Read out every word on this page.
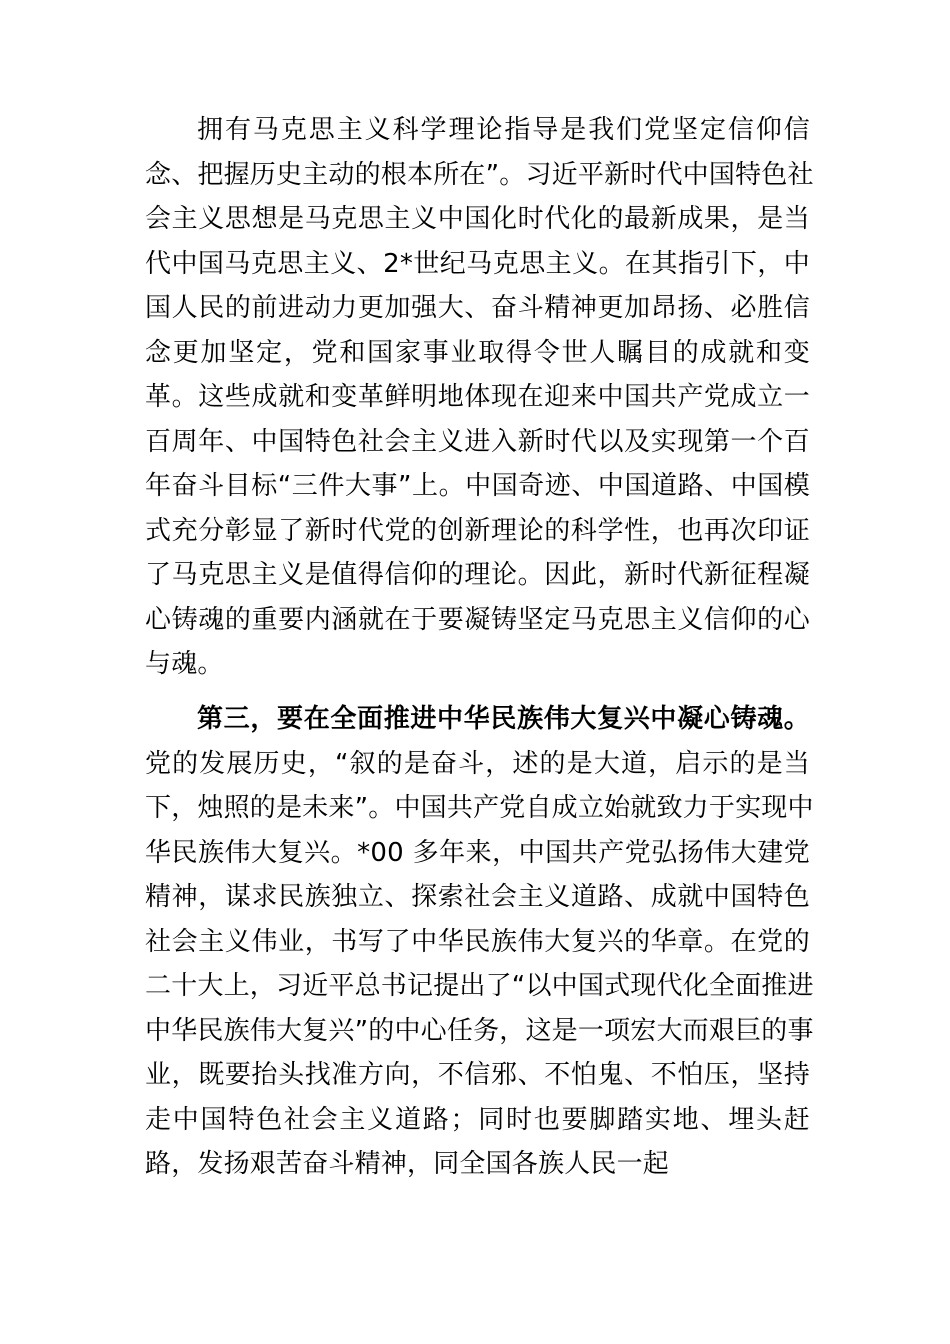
拥有马克思主义科学理论指导是我们党坚定信仰信
念、把握历史主动的根本所在”。习近平新时代中国特色社
会主义思想是马克思主义中国化时代化的最新成果，是当
代中国马克思主义、2*世纪马克思主义。在其指引下，中
国人民的前进动力更加强大、奋斗精神更加昂扬、必胜信
念更加坚定，党和国家事业取得令世人瞩目的成就和变
革。这些成就和变革鲜明地体现在迎来中国共产党成立一
百周年、中国特色社会主义进入新时代以及实现第一个百
年奋斗目标“三件大事”上。中国奇迹、中国道路、中国模
式充分彰显了新时代党的创新理论的科学性，也再次印证
了马克思主义是值得信仰的理论。因此，新时代新征程凝
心铸魂的重要内涵就在于要凝铸坚定马克思主义信仰的心
与魂。
第三，要在全面推进中华民族伟大复兴中凝心铸魂。
党的发展历史，“叙的是奋斗，述的是大道，启示的是当
下，烛照的是未来”。中国共产党自成立始就致力于实现中
华民族伟大复兴。*00 多年来，中国共产党弘扬伟大建党
精神，谋求民族独立、探索社会主义道路、成就中国特色
社会主义伟业，书写了中华民族伟大复兴的华章。在党的
二十大上，习近平总书记提出了“以中国式现代化全面推进
中华民族伟大复兴”的中心任务，这是一项宏大而艰巨的事
业，既要抬头找准方向，不信邪、不怕鬼、不怕压，坚持
走中国特色社会主义道路；同时也要脚踏实地、埋头赶
路，发扬艰苦奋斗精神，同全国各族人民一起
